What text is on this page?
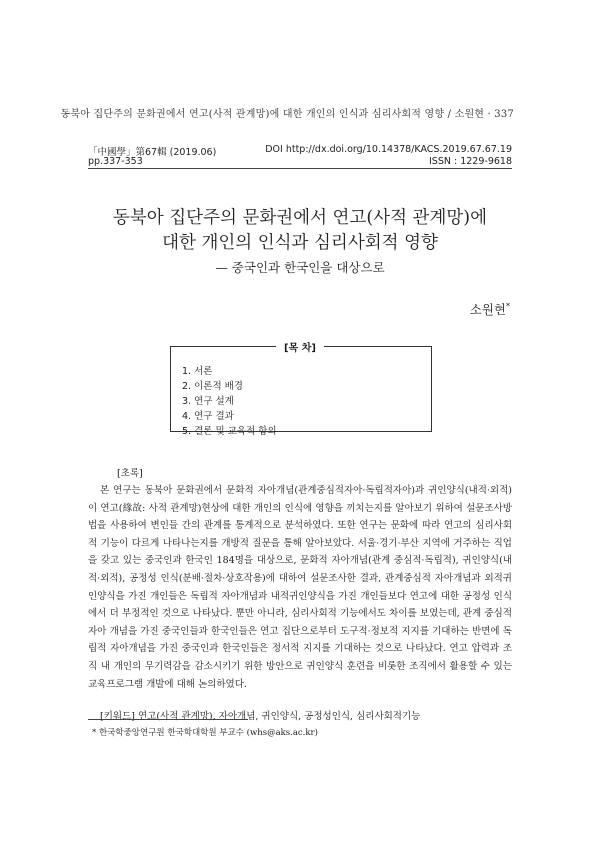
동북아 집단주의 문화권에서 연고(사적 관계망)에 대한 개인의 인식과 심리사회적 영향 / 소원현 · 337
「中國學」第67輯 (2019.06)
pp.337-353
DOI http://dx.doi.org/10.14378/KACS.2019.67.67.19
ISSN : 1229-9618
동북아 집단주의 문화권에서 연고(사적 관계망)에
대한 개인의 인식과 심리사회적 영향
— 중국인과 한국인을 대상으로
소원현*
[목 차]
1. 서론
2. 이론적 배경
3. 연구 설계
4. 연구 결과
5. 결론 및 교육적 함의
[초록]

본 연구는 동북아 문화권에서 문화적 자아개념(관계중심적자아·독립적자아)과 귀인양식(내적·외적)이 연고(緣故: 사적 관계망)현상에 대한 개인의 인식에 영향을 끼치는지를 알아보기 위하여 설문조사방법을 사용하여 변인들 간의 관계를 통계적으로 분석하였다. 또한 연구는 문화에 따라 연고의 심리사회적 기능이 다르게 나타나는지를 개방적 질문을 통해 알아보았다. 서울·경기·부산 지역에 거주하는 직업을 갖고 있는 중국인과 한국인 184명을 대상으로, 문화적 자아개념(관계 중심적·독립적), 귀인양식(내적·외적), 공정성 인식(분배·절차·상호작용)에 대하여 설문조사한 결과, 관계중심적 자아개념과 외적귀인양식을 가진 개인들은 독립적 자아개념과 내적귀인양식을 가진 개인들보다 연고에 대한 공정성 인식에서 더 부정적인 것으로 나타났다. 뿐만 아니라, 심리사회적 기능에서도 차이를 보였는데, 관계 중심적 자아 개념을 가진 중국인들과 한국인들은 연고 집단으로부터 도구적·정보적 지지를 기대하는 반면에 독립적 자아개념을 가진 중국인과 한국인들은 정서적 지지를 기대하는 것으로 나타났다. 연고 압력과 조직 내 개인의 무기력감을 감소시키기 위한 방안으로 귀인양식 훈련을 비롯한 조직에서 활용할 수 있는 교육프로그램 개발에 대해 논의하였다.

[키워드] 연고(사적 관계망), 자아개념, 귀인양식, 공정성인식, 심리사회적기능
* 한국학중앙연구원 한국학대학원 부교수 (whs@aks.ac.kr)
